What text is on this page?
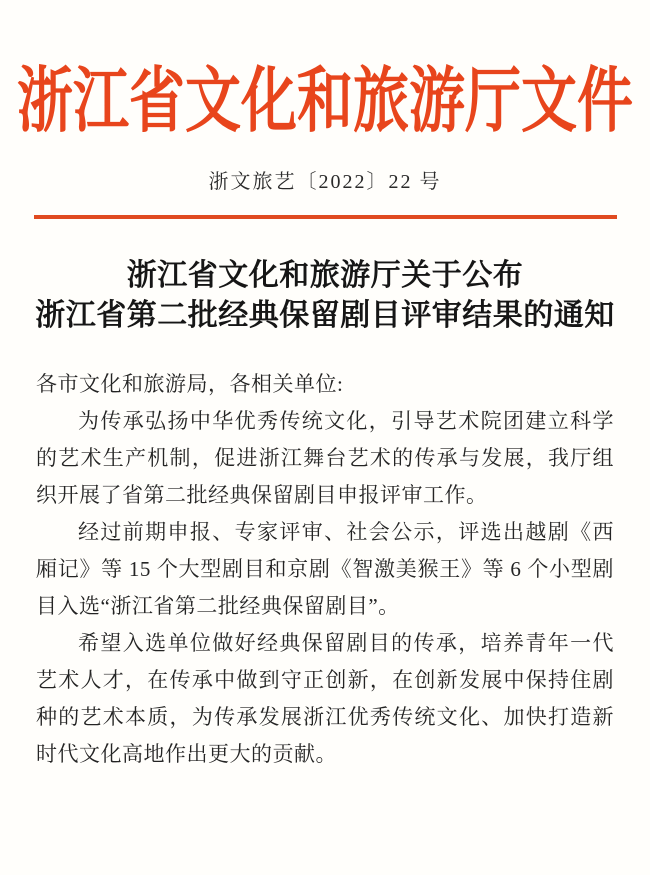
浙江省文化和旅游厅文件
浙文旅艺〔2022〕22 号
浙江省文化和旅游厅关于公布
浙江省第二批经典保留剧目评审结果的通知

各市文化和旅游局，各相关单位:

为传承弘扬中华优秀传统文化，引导艺术院团建立科学的艺术生产机制，促进浙江舞台艺术的传承与发展，我厅组织开展了省第二批经典保留剧目申报评审工作。

经过前期申报、专家评审、社会公示，评选出越剧《西厢记》等 15 个大型剧目和京剧《智激美猴王》等 6 个小型剧目入选“浙江省第二批经典保留剧目”。

希望入选单位做好经典保留剧目的传承，培养青年一代艺术人才，在传承中做到守正创新，在创新发展中保持住剧种的艺术本质，为传承发展浙江优秀传统文化、加快打造新时代文化高地作出更大的贡献。
